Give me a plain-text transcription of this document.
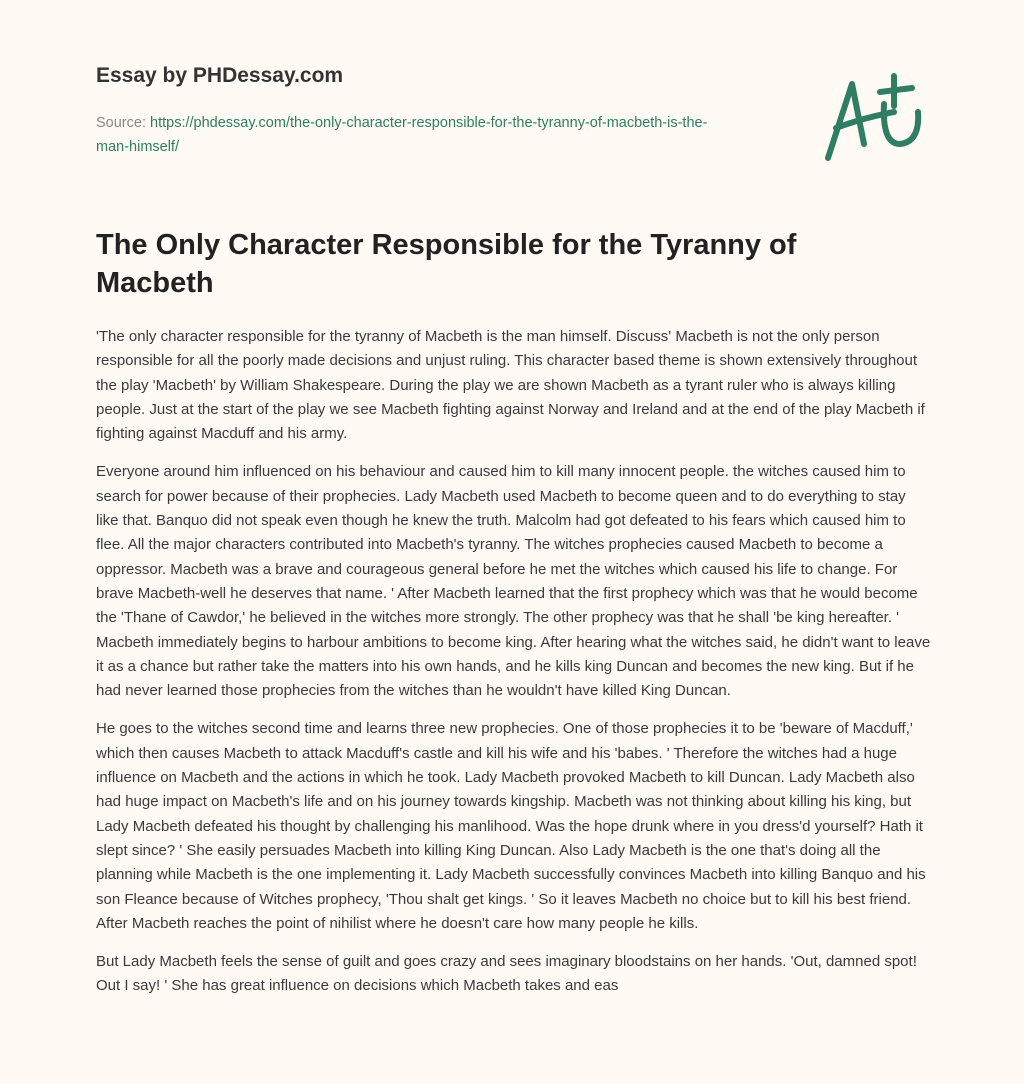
Essay by PHDessay.com
Source: https://phdessay.com/the-only-character-responsible-for-the-tyranny-of-macbeth-is-the-man-himself/
The Only Character Responsible for the Tyranny of Macbeth

'The only character responsible for the tyranny of Macbeth is the man himself. Discuss' Macbeth is not the only person responsible for all the poorly made decisions and unjust ruling. This character based theme is shown extensively throughout the play 'Macbeth' by William Shakespeare. During the play we are shown Macbeth as a tyrant ruler who is always killing people. Just at the start of the play we see Macbeth fighting against Norway and Ireland and at the end of the play Macbeth if fighting against Macduff and his army.

Everyone around him influenced on his behaviour and caused him to kill many innocent people. the witches caused him to search for power because of their prophecies. Lady Macbeth used Macbeth to become queen and to do everything to stay like that. Banquo did not speak even though he knew the truth. Malcolm had got defeated to his fears which caused him to flee. All the major characters contributed into Macbeth's tyranny. The witches prophecies caused Macbeth to become a oppressor. Macbeth was a brave and courageous general before he met the witches which caused his life to change. For brave Macbeth-well he deserves that name. ' After Macbeth learned that the first prophecy which was that he would become the 'Thane of Cawdor,' he believed in the witches more strongly. The other prophecy was that he shall 'be king hereafter. ' Macbeth immediately begins to harbour ambitions to become king. After hearing what the witches said, he didn't want to leave it as a chance but rather take the matters into his own hands, and he kills king Duncan and becomes the new king. But if he had never learned those prophecies from the witches than he wouldn't have killed King Duncan.

He goes to the witches second time and learns three new prophecies. One of those prophecies it to be 'beware of Macduff,' which then causes Macbeth to attack Macduff's castle and kill his wife and his 'babes. ' Therefore the witches had a huge influence on Macbeth and the actions in which he took. Lady Macbeth provoked Macbeth to kill Duncan. Lady Macbeth also had huge impact on Macbeth's life and on his journey towards kingship. Macbeth was not thinking about killing his king, but Lady Macbeth defeated his thought by challenging his manlihood. Was the hope drunk where in you dress'd yourself? Hath it slept since? ' She easily persuades Macbeth into killing King Duncan. Also Lady Macbeth is the one that's doing all the planning while Macbeth is the one implementing it. Lady Macbeth successfully convinces Macbeth into killing Banquo and his son Fleance because of Witches prophecy, 'Thou shalt get kings. ' So it leaves Macbeth no choice but to kill his best friend. After Macbeth reaches the point of nihilist where he doesn't care how many people he kills.

But Lady Macbeth feels the sense of guilt and goes crazy and sees imaginary bloodstains on her hands. 'Out, damned spot! Out I say! ' She has great influence on decisions which Macbeth takes and eas
